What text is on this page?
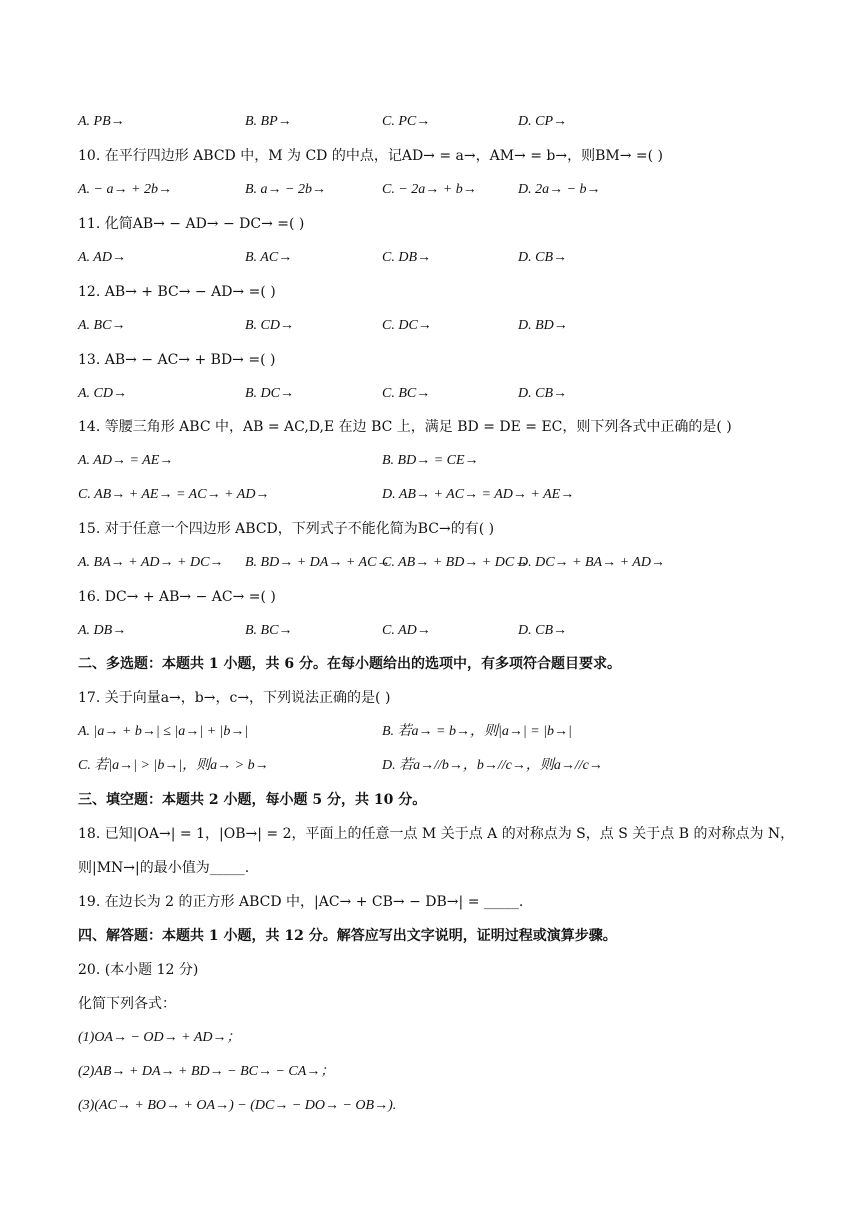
A. PB→	B. BP→	C. PC→	D. CP→
10. 在平行四边形 ABCD 中，M 为 CD 的中点，记AD→ = a→，AM→ = b→，则BM→ =( )
A. − a→ + 2b→	B. a→ − 2b→	C. − 2a→ + b→	D. 2a→ − b→
11. 化简AB→ − AD→ − DC→ =( )
A. AD→	B. AC→	C. DB→	D. CB→
12. AB→ + BC→ − AD→ =( )
A. BC→	B. CD→	C. DC→	D. BD→
13. AB→ − AC→ + BD→ =( )
A. CD→	B. DC→	C. BC→	D. CB→
14. 等腰三角形 ABC 中，AB = AC,D,E 在边 BC 上，满足 BD = DE = EC，则下列各式中正确的是( )
A. AD→ = AE→	B. BD→ = CE→
C. AB→ + AE→ = AC→ + AD→	D. AB→ + AC→ = AD→ + AE→
15. 对于任意一个四边形 ABCD，下列式子不能化简为BC→的有( )
A. BA→ + AD→ + DC→ B. BD→ + DA→ + AC→
C. AB→ + BD→ + DC→
D. DC→ + BA→ + AD→
16. DC→ + AB→ − AC→ =( )
A. DB→	B. BC→	C. AD→	D. CB→
二、多选题：本题共 1 小题，共 6 分。在每小题给出的选项中，有多项符合题目要求。
17. 关于向量a→，b→，c→，下列说法正确的是( )
A. |a→ + b→| ≤ |a→| + |b→|	B. 若a→ = b→，则|a→| = |b→|
C. 若|a→| > |b→|，则a→ > b→	D. 若a→//b→，b→//c→，则a→//c→
三、填空题：本题共 2 小题，每小题 5 分，共 10 分。
18. 已知|OA→| = 1，|OB→| = 2，平面上的任意一点 M 关于点 A 的对称点为 S，点 S 关于点 B 的对称点为 N，
则|MN→|的最小值为_____.
19. 在边长为 2 的正方形 ABCD 中，|AC→ + CB→ − DB→| = _____.
四、解答题：本题共 1 小题，共 12 分。解答应写出文字说明，证明过程或演算步骤。
20. (本小题 12 分)
化简下列各式：
(1)OA→ − OD→ + AD→；
(2)AB→ + DA→ + BD→ − BC→ − CA→；
(3)(AC→ + BO→ + OA→) − (DC→ − DO→ − OB→).
